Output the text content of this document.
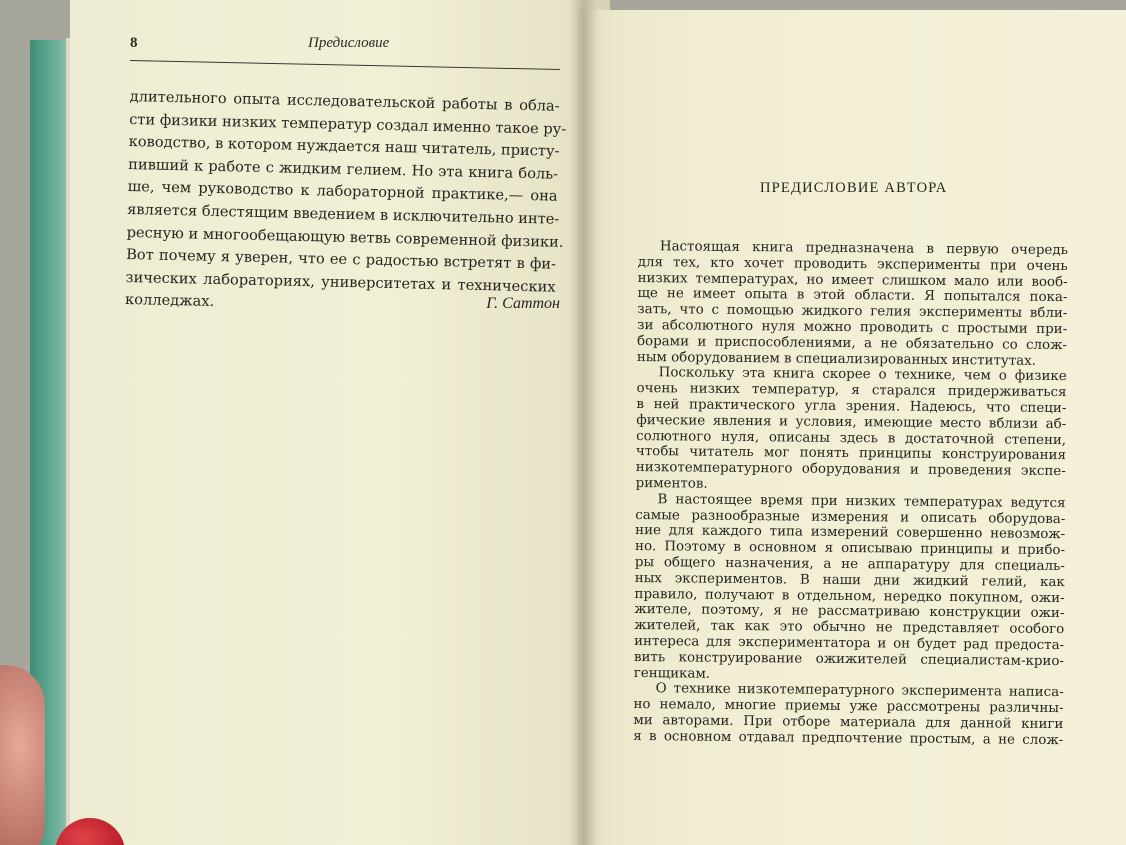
8	Предисловие
длительного опыта исследовательской работы в обла-
сти физики низких температур создал именно такое ру-
ководство, в котором нуждается наш читатель, присту-
пивший к работе с жидким гелием. Но эта книга боль-
ше, чем руководство к лабораторной практике,— она
является блестящим введением в исключительно инте-
ресную и многообещающую ветвь современной физики.
Вот почему я уверен, что ее с радостью встретят в фи-
зических лабораториях, университетах и технических
колледжах.	Г. Саттон
ПРЕДИСЛОВИЕ АВТОРА
Настоящая книга предназначена в первую очередь
для тех, кто хочет проводить эксперименты при очень
низких температурах, но имеет слишком мало или вооб-
ще не имеет опыта в этой области. Я попытался пока-
зать, что с помощью жидкого гелия эксперименты вбли-
зи абсолютного нуля можно проводить с простыми при-
борами и приспособлениями, а не обязательно со слож-
ным оборудованием в специализированных институтах.
Поскольку эта книга скорее о технике, чем о физике
очень низких температур, я старался придерживаться
в ней практического угла зрения. Надеюсь, что специ-
фические явления и условия, имеющие место вблизи аб-
солютного нуля, описаны здесь в достаточной степени,
чтобы читатель мог понять принципы конструирования
низкотемпературного оборудования и проведения экспе-
риментов.
В настоящее время при низких температурах ведутся
самые разнообразные измерения и описать оборудова-
ние для каждого типа измерений совершенно невозмож-
но. Поэтому в основном я описываю принципы и прибо-
ры общего назначения, а не аппаратуру для специаль-
ных экспериментов. В наши дни жидкий гелий, как
правило, получают в отдельном, нередко покупном, ожи-
жителе, поэтому, я не рассматриваю конструкции ожи-
жителей, так как это обычно не представляет особого
интереса для экспериментатора и он будет рад предоста-
вить конструирование ожижителей специалистам-крио-
генщикам.
О технике низкотемпературного эксперимента написа-
но немало, многие приемы уже рассмотрены различны-
ми авторами. При отборе материала для данной книги
я в основном отдавал предпочтение простым, а не слож-
